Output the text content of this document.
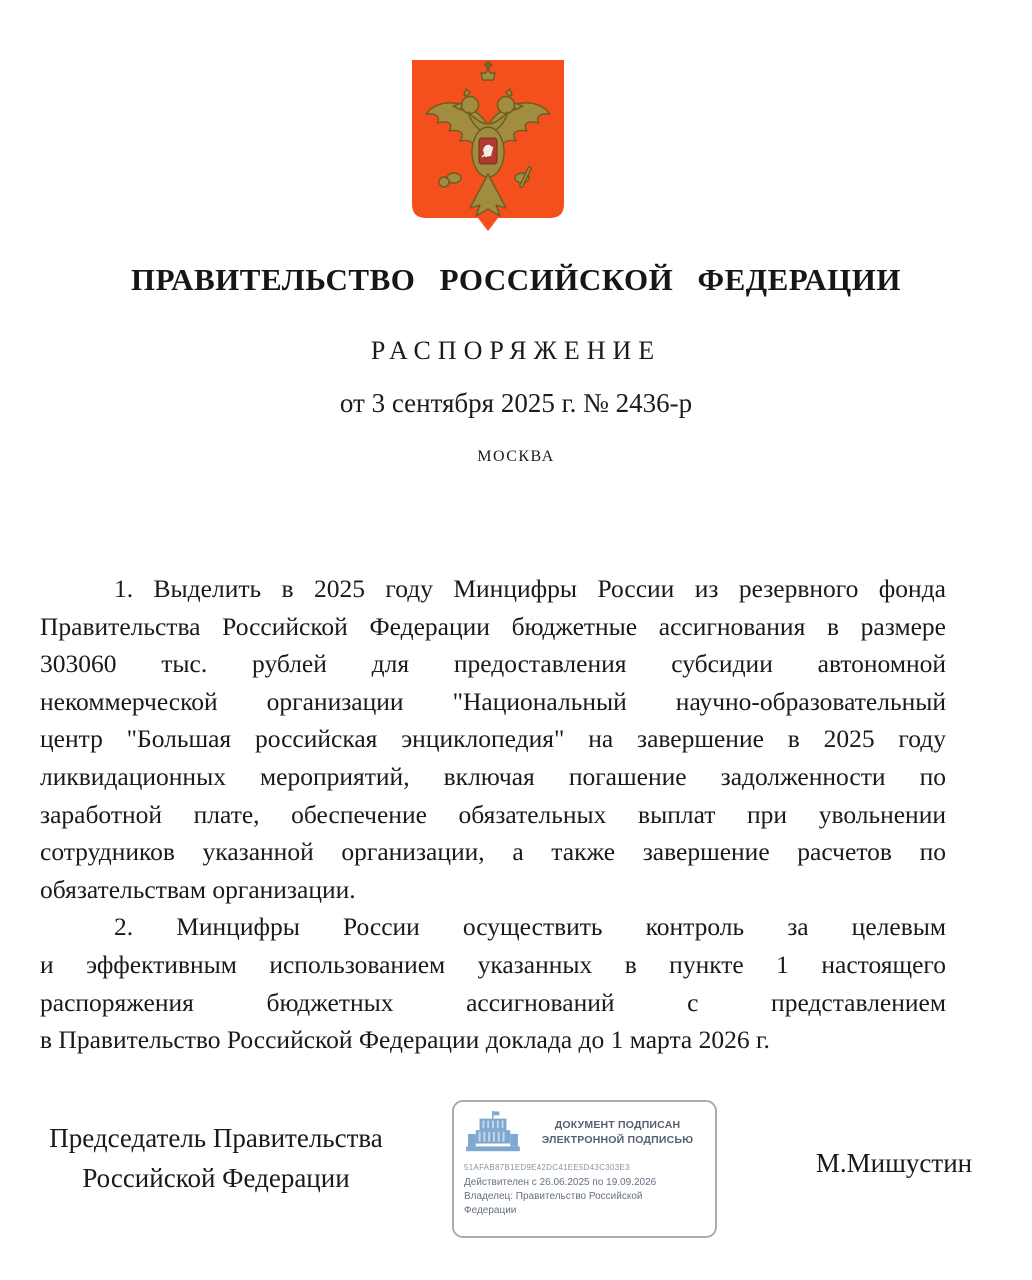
ПРАВИТЕЛЬСТВО РОССИЙСКОЙ ФЕДЕРАЦИИ
РАСПОРЯЖЕНИЕ
от 3 сентября 2025 г. № 2436-р
МОСКВА
1. Выделить в 2025 году Минцифры России из резервного фонда
Правительства Российской Федерации бюджетные ассигнования в размере
303060 тыс. рублей для предоставления субсидии автономной
некоммерческой организации "Национальный научно-образовательный
центр "Большая российская энциклопедия" на завершение в 2025 году
ликвидационных мероприятий, включая погашение задолженности по
заработной плате, обеспечение обязательных выплат при увольнении
сотрудников указанной организации, а также завершение расчетов по
обязательствам организации.
2. Минцифры России осуществить контроль за целевым
и эффективным использованием указанных в пункте 1 настоящего
распоряжения бюджетных ассигнований с представлением
в Правительство Российской Федерации доклада до 1 марта 2026 г.
Председатель Правительства
Российской Федерации
ДОКУМЕНТ ПОДПИСАН
ЭЛЕКТРОННОЙ ПОДПИСЬЮ
51AFAB87B1ED9E42DC41EE5D43C303E3
Действителен с 26.06.2025 по 19.09.2026
Владелец: Правительство Российской
Федерации
М.Мишустин
